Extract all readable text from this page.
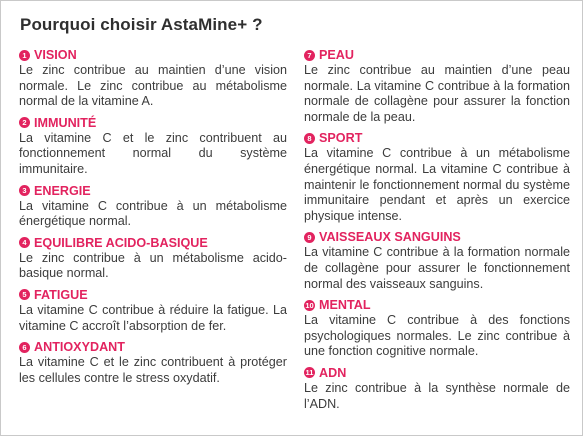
Pourquoi choisir AstaMine+ ?
1 VISION
Le zinc contribue au maintien d’une vision normale. Le zinc contribue au métabolisme normal de la vitamine A.
2 IMMUNITÉ
La vitamine C et le zinc contribuent au fonctionnement normal du système immunitaire.
3 ENERGIE
La vitamine C contribue à un métabolisme énergétique normal.
4 EQUILIBRE ACIDO-BASIQUE
Le zinc contribue à un métabolisme acido-basique normal.
5 FATIGUE
La vitamine C contribue à réduire la fatigue. La vitamine C accroît l’absorption de fer.
6 ANTIOXYDANT
La vitamine C et le zinc contribuent à protéger les cellules contre le stress oxydatif.
7 PEAU
Le zinc contribue au maintien d’une peau normale. La vitamine C contribue à la formation normale de collagène pour assurer la fonction normale de la peau.
8 SPORT
La vitamine C contribue à un métabolisme énergétique normal. La vitamine C contribue à maintenir le fonctionnement normal du système immunitaire pendant et après un exercice physique intense.
9 VAISSEAUX SANGUINS
La vitamine C contribue à la formation normale de collagène pour assurer le fonctionnement normal des vaisseaux sanguins.
10 MENTAL
La vitamine C contribue à des fonctions psychologiques normales. Le zinc contribue à une fonction cognitive normale.
11 ADN
Le zinc contribue à la synthèse normale de l’ADN.
